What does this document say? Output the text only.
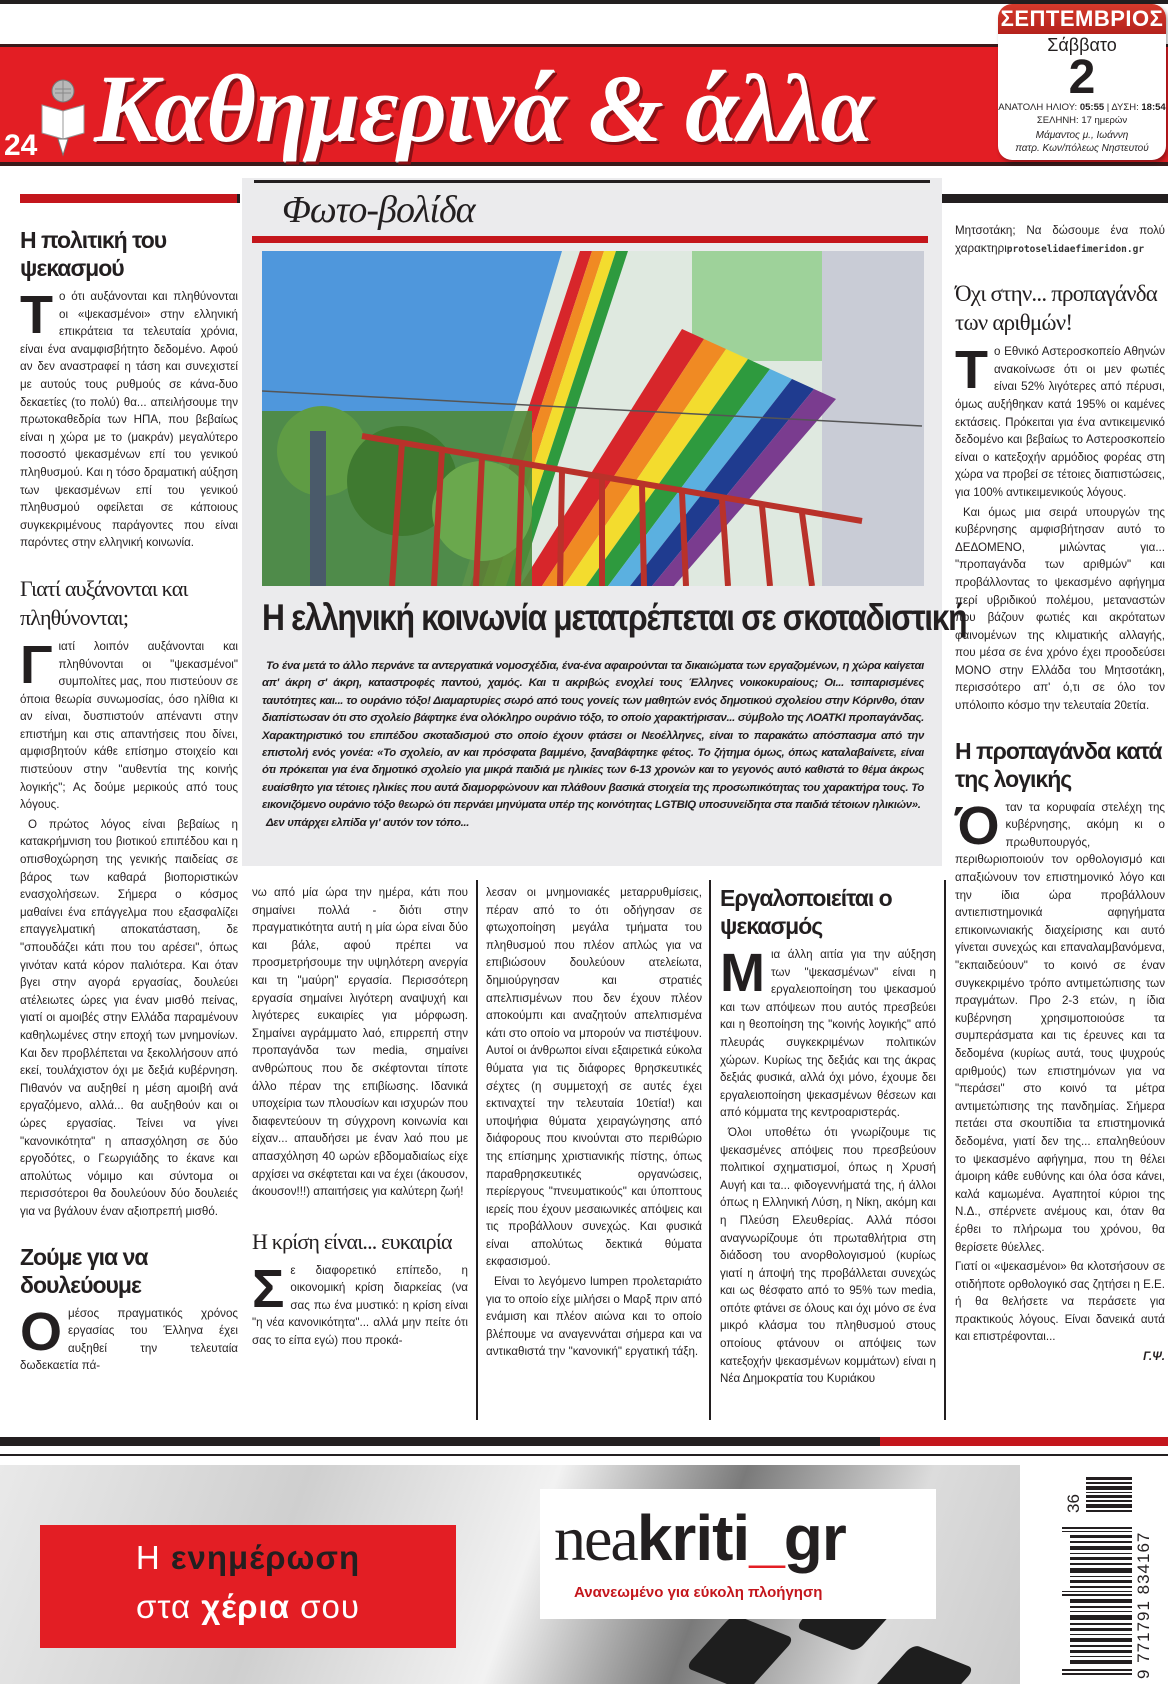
24 Καθημερινά & άλλα
ΣΕΠΤΕΜΒΡΙΟΣ
Σάββατο
2
ΑΝΑΤΟΛΗ ΗΛΙΟΥ: 05:55 | ΔΥΣΗ: 18:54
ΣΕΛΗΝΗ: 17 ημερών
Μάμαντος μ., Ιωάννη
πατρ. Κων/πόλεως Νηστευτού
Η πολιτική του ψεκασμού

Τ ο ότι αυξάνονται και πληθύνονται οι «ψεκασμένοι» στην ελληνική επικράτεια τα τελευταία χρόνια, είναι ένα αναμφισβήτητο δεδομένο. Αφού αν δεν αναστραφεί η τάση και συνεχιστεί με αυτούς τους ρυθμούς σε κάνα-δυο δεκαετίες (το πολύ) θα... απειλήσουμε την πρωτοκαθεδρία των ΗΠΑ, που βεβαίως είναι η χώρα με το (μακράν) μεγαλύτερο ποσοστό ψεκασμένων επί του γενικού πληθυσμού. Και η τόσο δραματική αύξηση των ψεκασμένων επί του γενικού πληθυσμού οφείλεται σε κάποιους συγκεκριμένους παράγοντες που είναι παρόντες στην ελληνική κοινωνία.

Γιατί αυξάνονται και πληθύνονται;

Γ ιατί λοιπόν αυξάνονται και πληθύνονται οι "ψεκασμένοι" συμπολίτες μας, που πιστεύουν σε όποια θεωρία συνωμοσίας, όσο ηλίθια κι αν είναι, δυσπιστούν απέναντι στην επιστήμη και στις απαντήσεις που δίνει, αμφισβητούν κάθε επίσημο στοιχείο και πιστεύουν στην "αυθεντία της κοινής λογικής"; Ας δούμε μερικούς από τους λόγους.

Ο πρώτος λόγος είναι βεβαίως η κατακρήμνιση του βιοτικού επιπέδου και η οπισθοχώρηση της γενικής παιδείας σε βάρος των καθαρά βιοποριστικών ενασχολήσεων. Σήμερα ο κόσμος μαθαίνει ένα επάγγελμα που εξασφαλίζει επαγγελματική αποκατάσταση, δε "σπουδάζει κάτι που του αρέσει", όπως γινόταν κατά κόρον παλιότερα. Και όταν βγει στην αγορά εργασίας, δουλεύει ατέλειωτες ώρες για έναν μισθό πείνας, γιατί οι αμοιβές στην Ελλάδα παραμένουν καθηλωμένες στην εποχή των μνημονίων. Και δεν προβλέπεται να ξεκολλήσουν από εκεί, τουλάχιστον όχι με δεξιά κυβέρνηση. Πιθανόν να αυξηθεί η μέση αμοιβή ανά εργαζόμενο, αλλά... θα αυξηθούν και οι ώρες εργασίας. Τείνει να γίνει "κανονικότητα" η απασχόληση σε δύο εργοδότες, ο Γεωργιάδης το έκανε και απολύτως νόμιμο και σύντομα οι περισσότεροι θα δουλεύουν δύο δουλειές για να βγάλουν έναν αξιοπρεπή μισθό.

Ζούμε για να δουλεύουμε

Ο μέσος πραγματικός χρόνος εργασίας του Έλληνα έχει αυξηθεί την τελευταία δωδεκαετία πά-

Φωτο-βολίδα
Η ελληνική κοινωνία μετατρέπεται σε σκοταδιστική

Το ένα μετά το άλλο περνάνε τα αντεργατικά νομοσχέδια, ένα-ένα αφαιρούνται τα δικαιώματα των εργαζομένων, η χώρα καίγεται απ' άκρη σ' άκρη, καταστροφές παντού, χαμός. Και τι ακριβώς ενοχλεί τους Έλληνες νοικοκυραίους; Οι... τσιπαρισμένες ταυτότητες και... το ουράνιο τόξο! Διαμαρτυρίες σωρό από τους γονείς των μαθητών ενός δημοτικού σχολείου στην Κόρινθο, όταν διαπίστωσαν ότι στο σχολείο βάφτηκε ένα ολόκληρο ουράνιο τόξο, το οποίο χαρακτήρισαν... σύμβολο της ΛΟΑΤΚΙ προπαγάνδας. Χαρακτηριστικό του επιπέδου σκοταδισμού στο οποίο έχουν φτάσει οι Νεοέλληνες, είναι το παρακάτω απόσπασμα από την επιστολή ενός γονέα: «Το σχολείο, αν και πρόσφατα βαμμένο, ξαναβάφτηκε φέτος. Το ζήτημα όμως, όπως καταλαβαίνετε, είναι ότι πρόκειται για ένα δημοτικό σχολείο για μικρά παιδιά με ηλικίες των 6-13 χρονών και το γεγονός αυτό καθιστά το θέμα άκρως ευαίσθητο για τέτοιες ηλικίες που αυτά διαμορφώνουν και πλάθουν βασικά στοιχεία της προσωπικότητας του χαρακτήρα τους. Το εικονιζόμενο ουράνιο τόξο θεωρώ ότι περνάει μηνύματα υπέρ της κοινότητας LGTBIQ υποσυνείδητα στα παιδιά τέτοιων ηλικιών».

Δεν υπάρχει ελπίδα γι' αυτόν τον τόπο...

νω από μία ώρα την ημέρα, κάτι που σημαίνει πολλά - διότι στην πραγματικότητα αυτή η μία ώρα είναι δύο και βάλε, αφού πρέπει να προσμετρήσουμε την υψηλότερη ανεργία και τη "μαύρη" εργασία. Περισσότερη εργασία σημαίνει λιγότερη αναψυχή και λιγότερες ευκαιρίες για μόρφωση. Σημαίνει αγράμματο λαό, επιρρεπή στην προπαγάνδα των media, σημαίνει ανθρώπους που δε σκέφτονται τίποτε άλλο πέραν της επιβίωσης. Ιδανικά υποχείρια των πλουσίων και ισχυρών που διαφεντεύουν τη σύγχρονη κοινωνία και είχαν... απαυδήσει με έναν λαό που με απασχόληση 40 ωρών εβδομαδιαίως είχε αρχίσει να σκέφτεται και να έχει (άκουσον, άκουσον!!!) απαιτήσεις για καλύτερη ζωή!

Η κρίση είναι... ευκαιρία

Σ ε διαφορετικό επίπεδο, η οικονομική κρίση διαρκείας (να σας πω ένα μυστικό: η κρίση είναι "η νέα κανονικότητα"... αλλά μην πείτε ότι σας το είπα εγώ) που προκά-

λεσαν οι μνημονιακές μεταρρυθμίσεις, πέραν από το ότι οδήγησαν σε φτωχοποίηση μεγάλα τμήματα του πληθυσμού που πλέον απλώς για να επιβιώσουν δουλεύουν ατελείωτα, δημιούργησαν και στρατιές απελπισμένων που δεν έχουν πλέον αποκούμπι και αναζητούν απελπισμένα κάτι στο οποίο να μπορούν να πιστέψουν. Αυτοί οι άνθρωποι είναι εξαιρετικά εύκολα θύματα για τις διάφορες θρησκευτικές σέχτες (η συμμετοχή σε αυτές έχει εκτιναχτεί την τελευταία 10ετία!) και υποψήφια θύματα χειραγώγησης από διάφορους που κινούνται στο περιθώριο της επίσημης χριστιανικής πίστης, όπως παραθρησκευτικές οργανώσεις, περίεργους "πνευματικούς" και ύποπτους ιερείς που έχουν μεσαιωνικές απόψεις και τις προβάλλουν συνεχώς. Και φυσικά είναι απολύτως δεκτικά θύματα εκφασισμού.

Είναι το λεγόμενο lumpen προλεταριάτο για το οποίο είχε μιλήσει ο Μαρξ πριν από ενάμιση και πλέον αιώνα και το οποίο βλέπουμε να αναγεννάται σήμερα και να αντικαθιστά την "κανονική" εργατική τάξη.

Εργαλοποιείται ο ψεκασμός

Μ ια άλλη αιτία για την αύξηση των "ψεκασμένων" είναι η εργαλειοποίηση του ψεκασμού και των απόψεων που αυτός πρεσβεύει και η θεοποίηση της "κοινής λογικής" από πλευράς συγκεκριμένων πολιτικών χώρων. Κυρίως της δεξιάς και της άκρας δεξιάς φυσικά, αλλά όχι μόνο, έχουμε δει εργαλειοποίηση ψεκασμένων θέσεων και από κόμματα της κεντροαριστεράς.

Όλοι υποθέτω ότι γνωρίζουμε τις ψεκασμένες απόψεις που πρεσβεύουν πολιτικοί σχηματισμοί, όπως η Χρυσή Αυγή και τα... φιδογεννήματά της, ή άλλοι όπως η Ελληνική Λύση, η Νίκη, ακόμη και η Πλεύση Ελευθερίας. Αλλά πόσοι αναγνωρίζουμε ότι πρωταθλήτρια στη διάδοση του ανορθολογισμού (κυρίως γιατί η άποψή της προβάλλεται συνεχώς και ως θέσφατο από το 95% των media, οπότε φτάνει σε όλους και όχι μόνο σε ένα μικρό κλάσμα του πληθυσμού στους οποίους φτάνουν οι απόψεις των κατεξοχήν ψεκασμένων κομμάτων) είναι η Νέα Δημοκρατία του Κυριάκου

Μητσοτάκη; Να δώσουμε ένα πολύ χαρακτηριprotoselidaefimeridon.gr

Όχι στην... προπαγάνδα των αριθμών!

Τ ο Εθνικό Αστεροσκοπείο Αθηνών ανακοίνωσε ότι οι μεν φωτιές είναι 52% λιγότερες από πέρυσι, όμως αυξήθηκαν κατά 195% οι καμένες εκτάσεις. Πρόκειται για ένα αντικειμενικό δεδομένο και βεβαίως το Αστεροσκοπείο είναι ο κατεξοχήν αρμόδιος φορέας στη χώρα να προβεί σε τέτοιες διαπιστώσεις, για 100% αντικειμενικούς λόγους.

Και όμως μια σειρά υπουργών της κυβέρνησης αμφισβήτησαν αυτό το ΔΕΔΟΜΕΝΟ, μιλώντας για... "προπαγάνδα των αριθμών" και προβάλλοντας το ψεκασμένο αφήγημα περί υβριδικού πολέμου, μεταναστών που βάζουν φωτιές και ακρότατων φαινομένων της κλιματικής αλλαγής, που μέσα σε ένα χρόνο έχει προοδεύσει ΜΟΝΟ στην Ελλάδα του Μητσοτάκη, περισσότερο απ' ό,τι σε όλο τον υπόλοιπο κόσμο την τελευταία 20ετία.

Η προπαγάνδα κατά της λογικής

Ό ταν τα κορυφαία στελέχη της κυβέρνησης, ακόμη κι ο πρωθυπουργός, περιθωριοποιούν τον ορθολογισμό και απαξιώνουν τον επιστημονικό λόγο και την ίδια ώρα προβάλλουν αντιεπιστημονικά αφηγήματα επικοινωνιακής διαχείρισης και αυτό γίνεται συνεχώς και επαναλαμβανόμενα, "εκπαιδεύουν" το κοινό σε έναν συγκεκριμένο τρόπο αντιμετώπισης των πραγμάτων. Προ 2-3 ετών, η ίδια κυβέρνηση χρησιμοποιούσε τα συμπεράσματα και τις έρευνες και τα δεδομένα (κυρίως αυτά, τους ψυχρούς αριθμούς) των επιστημόνων για να "περάσει" στο κοινό τα μέτρα αντιμετώπισης της πανδημίας. Σήμερα πετάει στα σκουπίδια τα επιστημονικά δεδομένα, γιατί δεν της... επαληθεύουν το ψεκασμένο αφήγημα, που τη θέλει άμοιρη κάθε ευθύνης και όλα όσα κάνει, καλά καμωμένα. Αγαπητοί κύριοι της Ν.Δ., σπέρνετε ανέμους και, όταν θα έρθει το πλήρωμα του χρόνου, θα θερίσετε θύελλες.

Γιατί οι «ψεκασμένοι» θα κλοτσήσουν σε οτιδήποτε ορθολογικό σας ζητήσει η Ε.Ε. ή θα θελήσετε να περάσετε για πρακτικούς λόγους. Είναι δανεικά αυτά και επιστρέφονται...

Γ.Ψ.

Η ενημέρωση
στα χέρια σου
neakriti_gr
Ανανεωμένο για εύκολη πλοήγηση
36
9 771791 834167
